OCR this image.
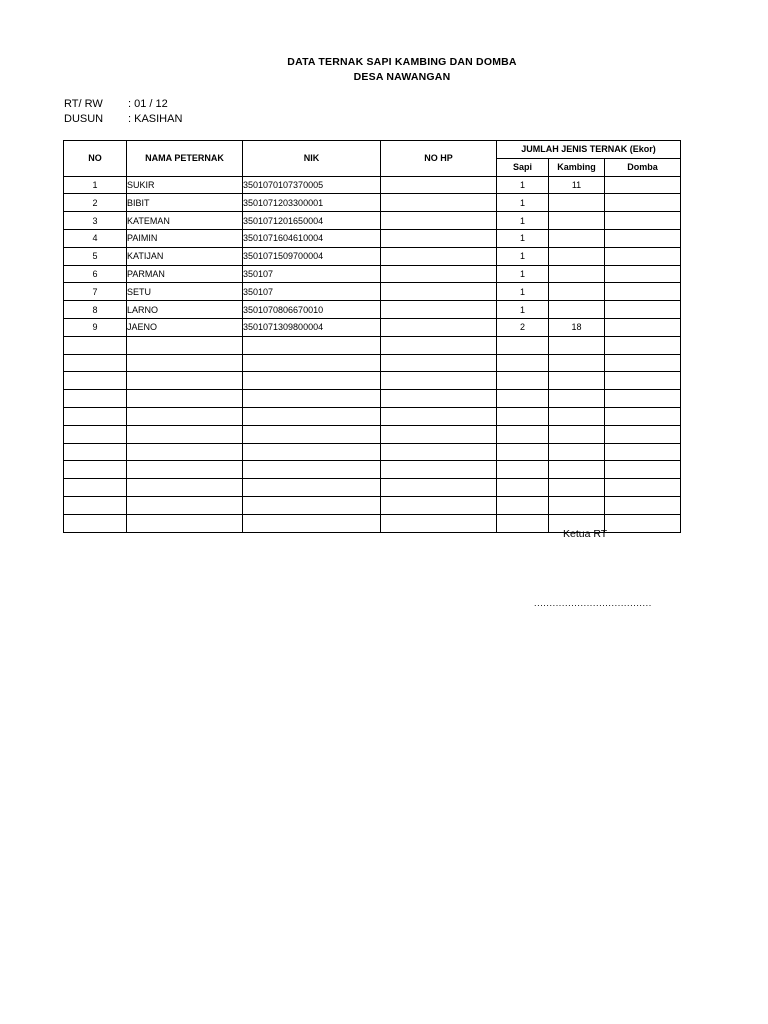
DATA TERNAK SAPI KAMBING DAN DOMBA
DESA NAWANGAN
RT/ RW : 01 / 12
DUSUN : KASIHAN
NO	NAMA PETERNAK	NIK	NO HP	JUMLAH JENIS TERNAK (Ekor)		
				Sapi	Kambing	Domba
1	SUKIR	3501070107370005		1	11	
2	BIBIT	3501071203300001		1		
3	KATEMAN	3501071201650004		1		
4	PAIMIN	3501071604610004		1		
5	KATIJAN	3501071509700004		1		
6	PARMAN	350107		1		
7	SETU	350107		1		
8	LARNO	3501070806670010		1		
9	JAENO	3501071309800004		2	18	

Ketua RT
......................................
